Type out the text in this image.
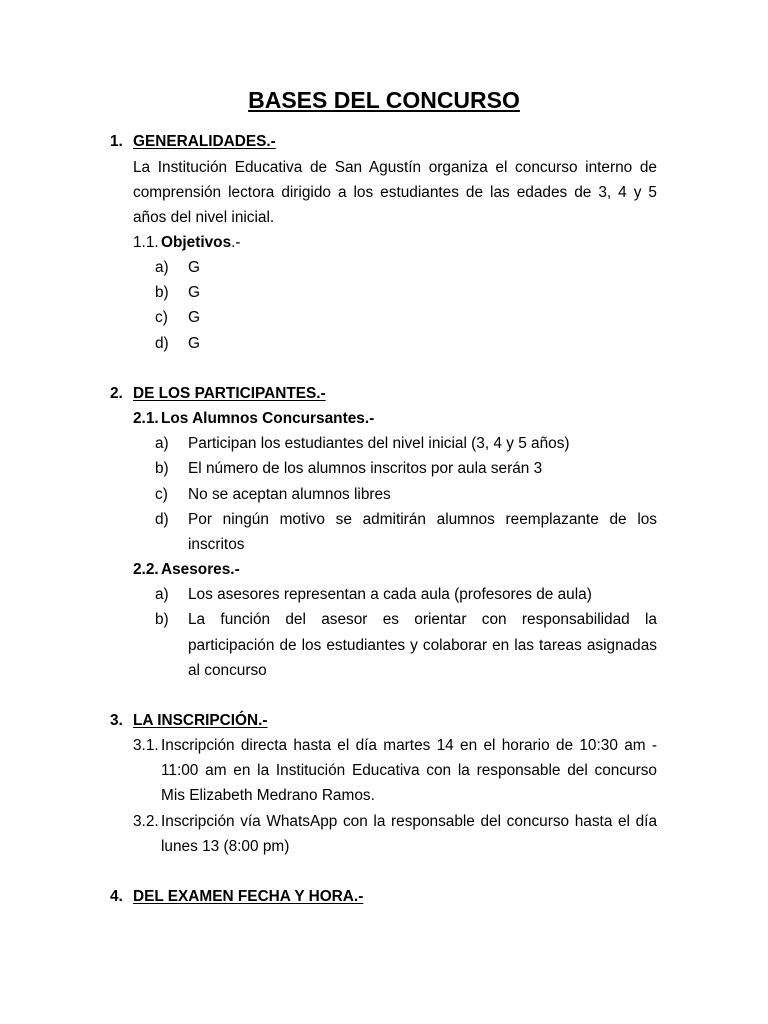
BASES DEL CONCURSO
1. GENERALIDADES.-
La Institución Educativa de San Agustín organiza el concurso interno de
comprensión lectora dirigido a los estudiantes de las edades de 3, 4 y 5
años del nivel inicial.
1.1. Objetivos.-
a)	G
b)	G
c)	G
d)	G
2. DE LOS PARTICIPANTES.-
2.1. Los Alumnos Concursantes.-
a)	Participan los estudiantes del nivel inicial (3, 4 y 5 años)
b)	El número de los alumnos inscritos por aula serán 3
c)	No se aceptan alumnos libres
d)	Por ningún motivo se admitirán alumnos reemplazante de los
inscritos
2.2. Asesores.-
a)	Los asesores representan a cada aula (profesores de aula)
b)	La función del asesor es orientar con responsabilidad la
participación de los estudiantes y colaborar en las tareas asignadas
al concurso
3. LA INSCRIPCIÓN.-
3.1. Inscripción directa hasta el día martes 14 en el horario de 10:30 am -
11:00 am en la Institución Educativa con la responsable del concurso
Mis Elizabeth Medrano Ramos.
3.2. Inscripción vía WhatsApp con la responsable del concurso hasta el día
lunes 13 (8:00 pm)
4. DEL EXAMEN FECHA Y HORA.-
